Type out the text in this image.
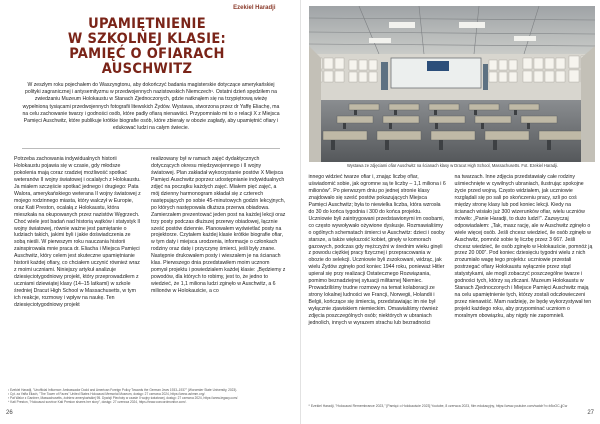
Ezekiel Haradji
UPAMIĘTNIENIE
W SZKOLNEJ KLASIE:
PAMIĘĆ O OFIARACH AUSCHWITZ
W zeszłym roku pojechałem do Waszyngtonu, aby dokończyć badania magisterskie dotyczące amerykańskiej polityki zagranicznej i antysemityzmu w przedwojennych nazistowskich Niemczech¹. Ostatni dzień spędziłem na zwiedzaniu Muzeum Holokaustu w Stanach Zjednoczonych, gdzie natknąłem się na trzypiętrową wieżę wypełnioną tysiącami przedwojennych fotografii litewskich Żydów. Wystawa, stworzona przez dr Yaffę Eliachę, ma na celu zachowanie twarzy i godności osób, które padły ofiarą nienawiści. Przypomniało mi to o relacji X z Miejsca Pamięci Auschwitz, które publikuje krótkie biografie osób, które zbierały w obozie zagłady, aby upamiętnić ofiary i edukować ludzi na całym świecie.

Potrzeba zachowania indywidualnych historii Holokaustu pojawia się w czasie, gdy młodsze pokolenia mają coraz rzadziej możliwość spotkać weteranów II wojny światowej i ocalałych z Holokaustu. Ja miałem szczęście spotkać jednego i drugiego: Pata Walora, amerykańskiego weterana II wojny światowej z mojego rodzinnego miasta, który walczył w Europie, oraz Kati Preston, ocalałą z Holokaustu, która mieszkała na okupowanych przez nazistów Węgrzech. Choć wiele jest badań nad historią wątków i statystyk II wojny światowej, równie ważne jest pamiętanie o ludziach takich, jakimi byli i jakie doświadczenia ze sobą nieśli. W pierwszym roku nauczania historii zainspirowała mnie praca dr. Eliacha i Miejsca Pamięci Auschwitz, który celem jest skuteczne upamiętnianie historii każdej ofiary, co chciałem uczynić również wraz z moimi uczniami. Niniejszy artykuł analizuje dziesięciotygodniowy projekt, który przeprowadziłem z uczniami dziewiątej klasy (14–15 latkami) w szkole średniej Dracut High School w Massachusetts, w tym ich reakcje, rozmowy i wpływ na naukę. Ten dziesięciotygodniowy projekt

realizowany był w ramach zajęć dydaktycznych dotyczących okresu międzywojennego i II wojny światowej. Plan zakładał wykorzystanie postów X Miejsca Pamięci Auschwitz poprzez udostępnianie indywidualnych zdjęć na początku każdych zajęć. Miałem pięć zajęć, a mój dzienny harmonogram składał się z czterech następujących po sobie 45-minutowych godzin lekcyjnych, po których następowała dłuższa przerwa obiadowa. Zamierzałem prezentować jeden post na każdej lekcji oraz trzy posty podczas dłuższej przerwy obiadowej, łącznie sześć postów dziennie. Planowałem wyświetlać posty na projektorze. Czytałem każdej klasie krótkie biografie ofiar, w tym daty i miejsca urodzenia, informacje o członkach rodziny oraz datę i przyczynę śmierci, jeśli były znane. Następnie drukowałem posty i wieszałem je na ścianach klas. Pierwszego dnia przedstawiłem moim ucznom pomysł projektu i powiedziałem każdej klasie: „Będziemy z powodów, dla których to robimy, jest to, że jedno to wiedzieć, że 1,1 miliona ludzi zginęło w Auschwitz, a 6 milionów w Holokauście, a co

¹ Ezekiel Haradji, "Unofficial Influence: Ambassador Dodd and American Foreign Policy Towards the German Jews 1933–1937" (Worcester State University, 2023).
² Cyt. za Yaffa Eliach, "The Tower of Faces" United States Holocaust Memorial Museum, dostęp: 27 czerwca 2024, https://www.ushmm.org/.
³ Pat Walor z Gardner, Massachusetts, żołnierz amerykańskiej 95. Dywizji Piechoty w czasie II wojny światowej, dostęp: 27 czerwca 2024, https://www.legacy.com/.
⁴ Kati Preston, "Holocaust survivor Kati Preston shares her story", dostęp: 27 czerwca 2024, https://www.concordmonitor.com/.
26
Wystawa ze zdjęciami ofiar Auschwitz na ścianach klasy w Dracut High School, Massachusetts. Fot. Ezekiel Haradji.

innego widzieć twarze ofiar i, znając liczbę ofiar, uświadomić sobie, jak ogromne są te liczby – 1,1 miliona i 6 milionów”. Po pierwszym dniu po jednej stronie klasy znajdowało się sześć postów pokazujących Miejsca Pamięci Auschwitz; była to niewielka liczba, która wzrosła do 30 do końca tygodnia i 300 do końca projektu. Uczniowie byli zaintrygowani przedstawionymi im osobami, co często wywoływało ożywione dyskusje. Rozmawialiśmy o ogólnych schematach śmierci w Auschwitz: dzieci i osoby starsze, a także większość kobiet, ginęły w komorach gazowych, podczas gdy mężczyźni w średnim wieku ginęli z powodu ciężkiej pracy fizycznej i przepracowania w obozie do selekcji. Uczniowie byli zszokowani, widząc, jak wielu Żydów zginęło pod koniec 1944 roku, ponieważ Hitler upierał się przy realizacji Ostatecznego Rozwiązania, pomimo beznadziejnej sytuacji militarnej Niemiec. Prowadziliśmy trudne rozmowy na temat kolaboracji ze strony lokalnej ludności we Francji, Norwegii, Holandii i Belgii, kończące się śmiercią, przedstawiając im nie był wyłącznie zjawiskiem niemieckim. Omawialiśmy również zdjęcia poszczególnych osób; niektórych w ubraniach jednolich, innych w wyrazem strachu lub bezradności

na twarzach. Inne zdjęcia przedstawiały całe rodziny uśmiechnięte w cywilnych ubraniach, ilustrując spokojne życie przed wojną. Często widziałem, jak uczniowie rozglądali się po sali po skończeniu pracy, szli po coś między stronę klasy lub pod koniec lekcji. Kiedy na ścianach wisiało już 300 wizerunków ofiar, wielu uczniów mówiło: „Panie Haradji, to dużo ludzi!”. Zazwyczaj odpowiadałem: „Tak, masz rację, ale w Auschwitz zginęło o wiele więcej osób. Jeśli chcesz wiedzieć, ile osób zginęło w Auschwitz, pomnóż sobie tę liczbę przez 3 667. Jeśli chcesz wiedzieć, ile osób zginęło w Holokauście, pomnóż ją przez 20 000”. Pod koniec dziesięciu tygodni wielu z nich zrozumiało wagę tego projektu: uczniowie przestali postrzegać ofiary Holokaustu wyłącznie przez stąd statystykami, ale mogli zobaczyć poszczególne twarze i godności tych, którzy są zliczani. Muzeum Holokaustu w Stanach Zjednoczonych i Miejsce Pamięci Auschwitz mają na celu upamiętnienie tych, którzy zostali odczłowieczeni przez nienawiść. Mam nadzieję, że będę wykorzystywał ten projekt każdego roku, aby przypominać uczniom o moralnym obowiązku, aby nigdy nie zapomnieli.

⁵ Ezekiel Haradji, "Holocaust Remembrance 2023," [Pamięć o Holokauście 2023] Youtube, 8 czerwca 2023, film edukacyjny, https://www.youtube.com/watch?v=b5oOC-jjCw
27
